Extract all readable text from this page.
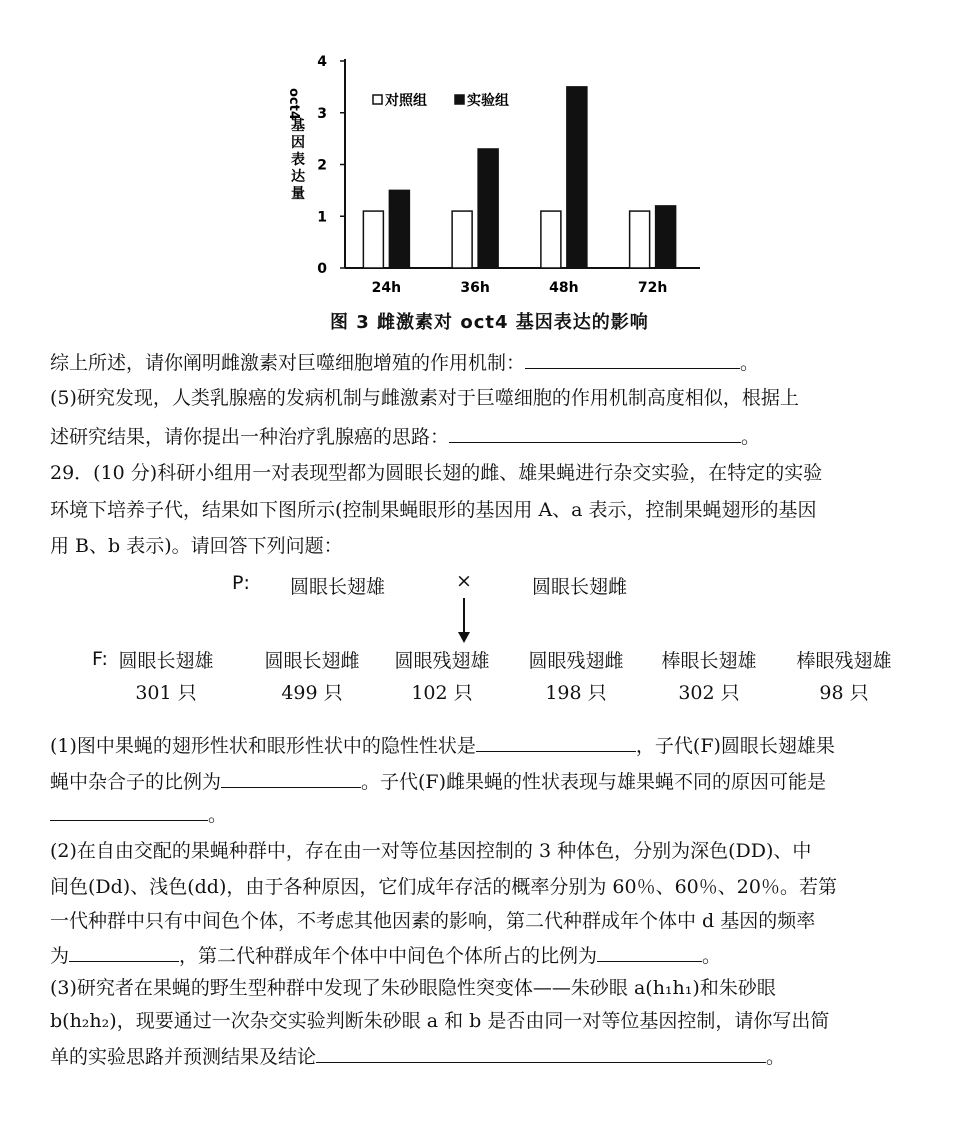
0
1
2
3
4
24h	36h	48h	72h
对照组	实验组
oct4
基
因
表
达
量
图 3 雌激素对 oct4 基因表达的影响
综上所述，请你阐明雌激素对巨噬细胞增殖的作用机制：	。
(5)研究发现，人类乳腺癌的发病机制与雌激素对于巨噬细胞的作用机制高度相似，根据上
述研究结果，请你提出一种治疗乳腺癌的思路：	。
29．(10 分)科研小组用一对表现型都为圆眼长翅的雌、雄果蝇进行杂交实验，在特定的实验
环境下培养子代，结果如下图所示(控制果蝇眼形的基因用 A、a 表示，控制果蝇翅形的基因
用 B、b 表示)。请回答下列问题：
P: 圆眼长翅雄	×	圆眼长翅雌
F: 圆眼长翅雄
301 只
圆眼长翅雌
499 只
圆眼残翅雄
102 只
圆眼残翅雌
198 只
棒眼长翅雄
302 只
棒眼残翅雄
98 只
(1)图中果蝇的翅形性状和眼形性状中的隐性性状是	，子代(F)圆眼长翅雄果
蝇中杂合子的比例为	。子代(F)雌果蝇的性状表现与雄果蝇不同的原因可能是
。
(2)在自由交配的果蝇种群中，存在由一对等位基因控制的 3 种体色，分别为深色(DD)、中
间色(Dd)、浅色(dd)，由于各种原因，它们成年存活的概率分别为 60％、60％、20％。若第
一代种群中只有中间色个体，不考虑其他因素的影响，第二代种群成年个体中 d 基因的频率
为	，第二代种群成年个体中中间色个体所占的比例为	。
(3)研究者在果蝇的野生型种群中发现了朱砂眼隐性突变体——朱砂眼 a(h₁h₁)和朱砂眼
b(h₂h₂)，现要通过一次杂交实验判断朱砂眼 a 和 b 是否由同一对等位基因控制，请你写出简
单的实验思路并预测结果及结论	。
